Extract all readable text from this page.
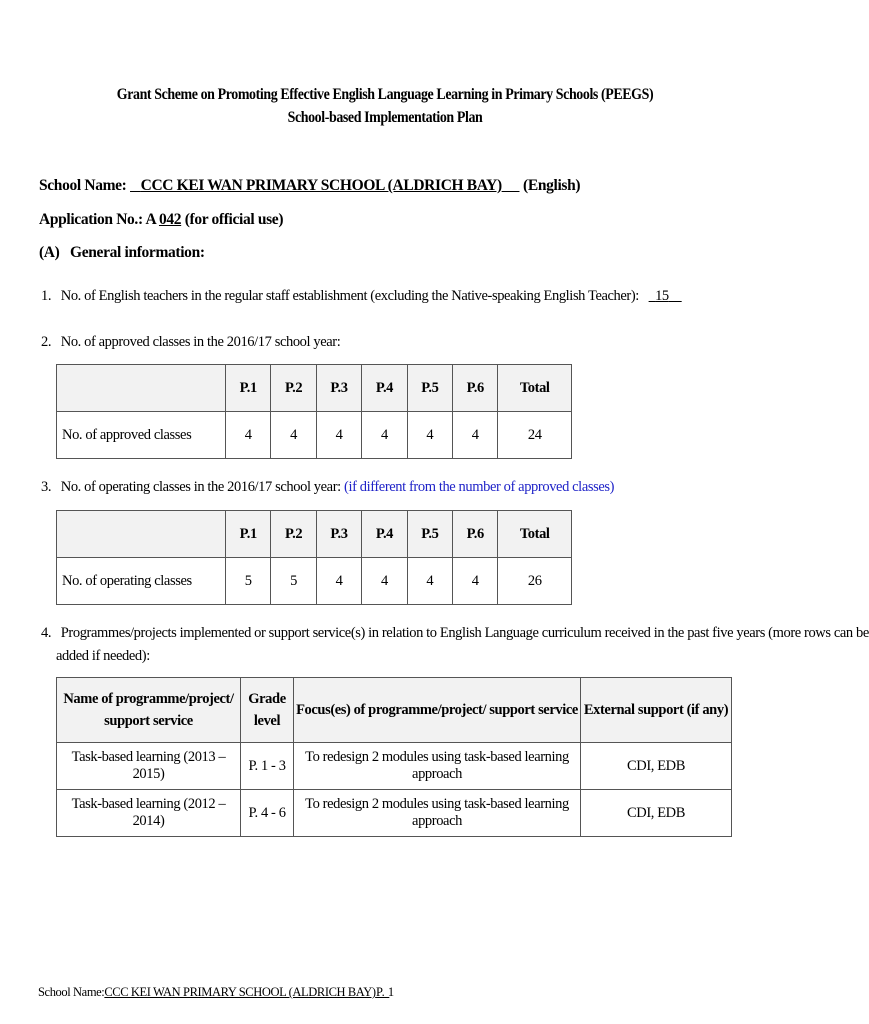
Grant Scheme on Promoting Effective English Language Learning in Primary Schools (PEEGS)
School-based Implementation Plan
School Name: CCC KEI WAN PRIMARY SCHOOL (ALDRICH BAY) (English)
Application No.: A 042 (for official use)
(A)   General information:
1. No. of English teachers in the regular staff establishment (excluding the Native-speaking English Teacher): 15
2. No. of approved classes in the 2016/17 school year:
	P.1	P.2	P.3	P.4	P.5	P.6	Total
No. of approved classes	4	4	4	4	4	4	24
3. No. of operating classes in the 2016/17 school year: (if different from the number of approved classes)
	P.1	P.2	P.3	P.4	P.5	P.6	Total
No. of operating classes	5	5	4	4	4	4	26
4. Programmes/projects implemented or support service(s) in relation to English Language curriculum received in the past five years (more rows can be
added if needed):
Name of programme/project/
support service	Grade
level	Focus(es) of programme/project/ support service	External support (if any)
Task-based learning (2013 – 2015)	P. 1 - 3	To redesign 2 modules using task-based learning approach	CDI, EDB
Task-based learning (2012 – 2014)	P. 4 - 6	To redesign 2 modules using task-based learning approach	CDI, EDB
School Name:CCC KEI WAN PRIMARY SCHOOL (ALDRICH BAY) P. 1
